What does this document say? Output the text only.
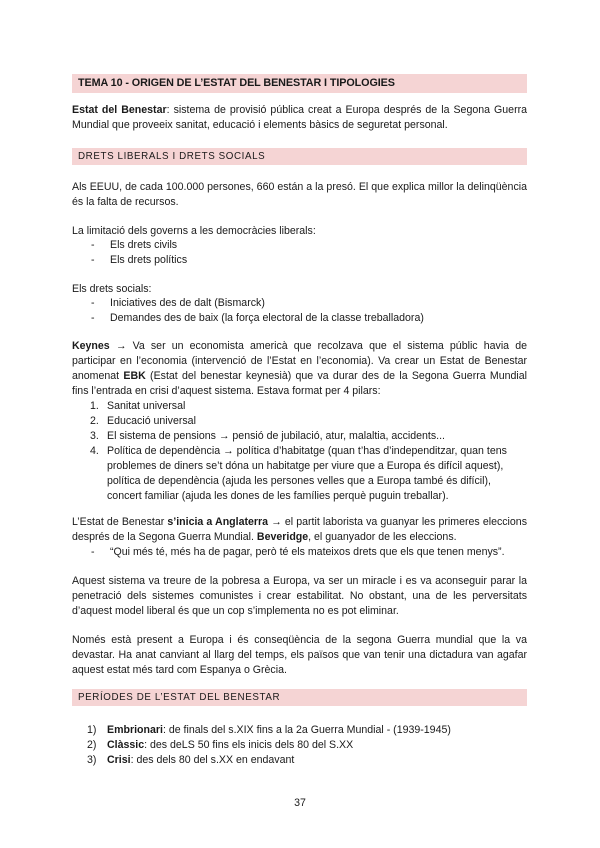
TEMA 10 - ORIGEN DE L’ESTAT DEL BENESTAR I TIPOLOGIES
Estat del Benestar: sistema de provisió pública creat a Europa després de la Segona Guerra Mundial que proveeix sanitat, educació i elements bàsics de seguretat personal.
DRETS LIBERALS I DRETS SOCIALS
Als EEUU, de cada 100.000 persones, 660 están a la presó. El que explica millor la delinqüència és la falta de recursos.
La limitació dels governs a les democràcies liberals:
- Els drets civils
- Els drets polítics
Els drets socials:
- Iniciatives des de dalt (Bismarck)
- Demandes des de baix (la força electoral de la classe treballadora)
Keynes → Va ser un economista americà que recolzava que el sistema públic havia de participar en l’economia (intervenció de l’Estat en l’economia). Va crear un Estat de Benestar anomenat EBK (Estat del benestar keynesià) que va durar des de la Segona Guerra Mundial fins l’entrada en crisi d’aquest sistema. Estava format per 4 pilars:
1. Sanitat universal
2. Educació universal
3. El sistema de pensions → pensió de jubilació, atur, malaltia, accidents...
4. Política de dependència → política d’habitatge (quan t’has d’independitzar, quan tens problemes de diners se’t dóna un habitatge per viure que a Europa és difícil aquest), política de dependència (ajuda les persones velles que a Europa també és difícil), concert familiar (ajuda les dones de les famílies perquè puguin treballar).
L’Estat de Benestar s’inicia a Anglaterra → el partit laborista va guanyar les primeres eleccions després de la Segona Guerra Mundial. Beveridge, el guanyador de les eleccions.
- “Qui més té, més ha de pagar, però té els mateixos drets que els que tenen menys”.
Aquest sistema va treure de la pobresa a Europa, va ser un miracle i es va aconseguir parar la penetració dels sistemes comunistes i crear estabilitat. No obstant, una de les perversitats d’aquest model liberal és que un cop s’implementa no es pot eliminar.
Només està present a Europa i és conseqüència de la segona Guerra mundial que la va devastar. Ha anat canviant al llarg del temps, els països que van tenir una dictadura van agafar aquest estat més tard com Espanya o Grècia.
PERÍODES DE L’ESTAT DEL BENESTAR
1) Embrionari: de finals del s.XIX fins a la 2a Guerra Mundial - (1939-1945)
2) Clàssic: des deLS 50 fins els inicis dels 80 del S.XX
3) Crisi: des dels 80 del s.XX en endavant
37
